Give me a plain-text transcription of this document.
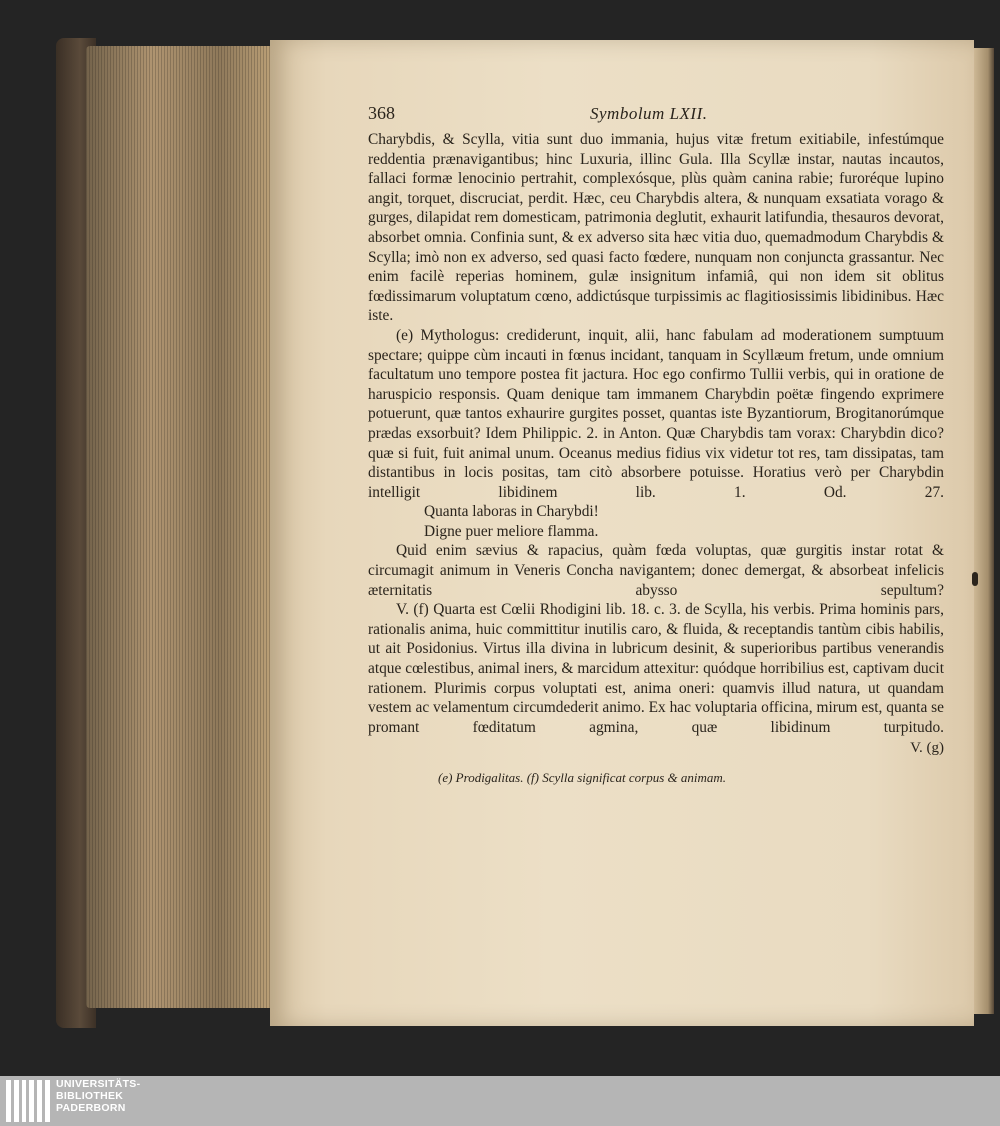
368	Symbolum LXII.

Charybdis, & Scylla, vitia sunt duo immania, hujus vitæ fretum exitiabile, infestúmque reddentia prænavigantibus; hinc Luxuria, illinc Gula. Illa Scyllæ instar, nautas incautos, fallaci formæ lenocinio pertrahit, complexósque, plùs quàm canina rabie; furoréque lupino angit, torquet, discruciat, perdit. Hæc, ceu Charybdis altera, & nunquam exsatiata vorago & gurges, dilapidat rem domesticam, patrimonia deglutit, exhaurit latifundia, thesauros devorat, absorbet omnia. Confinia sunt, & ex adverso sita hæc vitia duo, quemadmodum Charybdis & Scylla; imò non ex adverso, sed quasi facto fœdere, nunquam non conjuncta grassantur. Nec enim facilè reperias hominem, gulæ insignitum infamiâ, qui non idem sit oblitus fœdissimarum voluptatum cœno, addictúsque turpissimis ac flagitiosissimis libidinibus. Hæc iste.

(e) Mythologus: crediderunt, inquit, alii, hanc fabulam ad moderationem sumptuum spectare; quippe cùm incauti in fœnus incidant, tanquam in Scyllæum fretum, unde omnium facultatum uno tempore postea fit jactura. Hoc ego confirmo Tullii verbis, qui in oratione de haruspicio responsis. Quam denique tam immanem Charybdin poëtæ fingendo exprimere potuerunt, quæ tantos exhaurire gurgites posset, quantas iste Byzantiorum, Brogitanorúmque prædas exsorbuit? Idem Philippic. 2. in Anton. Quæ Charybdis tam vorax: Charybdin dico? quæ si fuit, fuit animal unum. Oceanus medius fidius vix videtur tot res, tam dissipatas, tam distantibus in locis positas, tam citò absorbere potuisse. Horatius verò per Charybdin intelligit libidinem lib. 1. Od. 27.

Quanta laboras in Charybdi!

Digne puer meliore flamma.

Quid enim sævius & rapacius, quàm fœda voluptas, quæ gurgitis instar rotat & circumagit animum in Veneris Concha navigantem; donec demergat, & absorbeat infelicis æternitatis abysso sepultum?

V. (f) Quarta est Cœlii Rhodigini lib. 18. c. 3. de Scylla, his verbis. Prima hominis pars, rationalis anima, huic committitur inutilis caro, & fluida, & receptandis tantùm cibis habilis, ut ait Posidonius. Virtus illa divina in lubricum desinit, & superioribus partibus venerandis atque cœlestibus, animal iners, & marcidum attexitur: quódque horribilius est, captivam ducit rationem. Plurimis corpus voluptati est, anima oneri: quamvis illud natura, ut quandam vestem ac velamentum circumdederit animo. Ex hac voluptaria officina, mirum est, quanta se promant fœditatum agmina, quæ libidinum turpitudo.

V. (g)
(e) Prodigalitas. (f) Scylla significat corpus & animam.
UNIVERSITÄTS-
BIBLIOTHEK
PADERBORN
